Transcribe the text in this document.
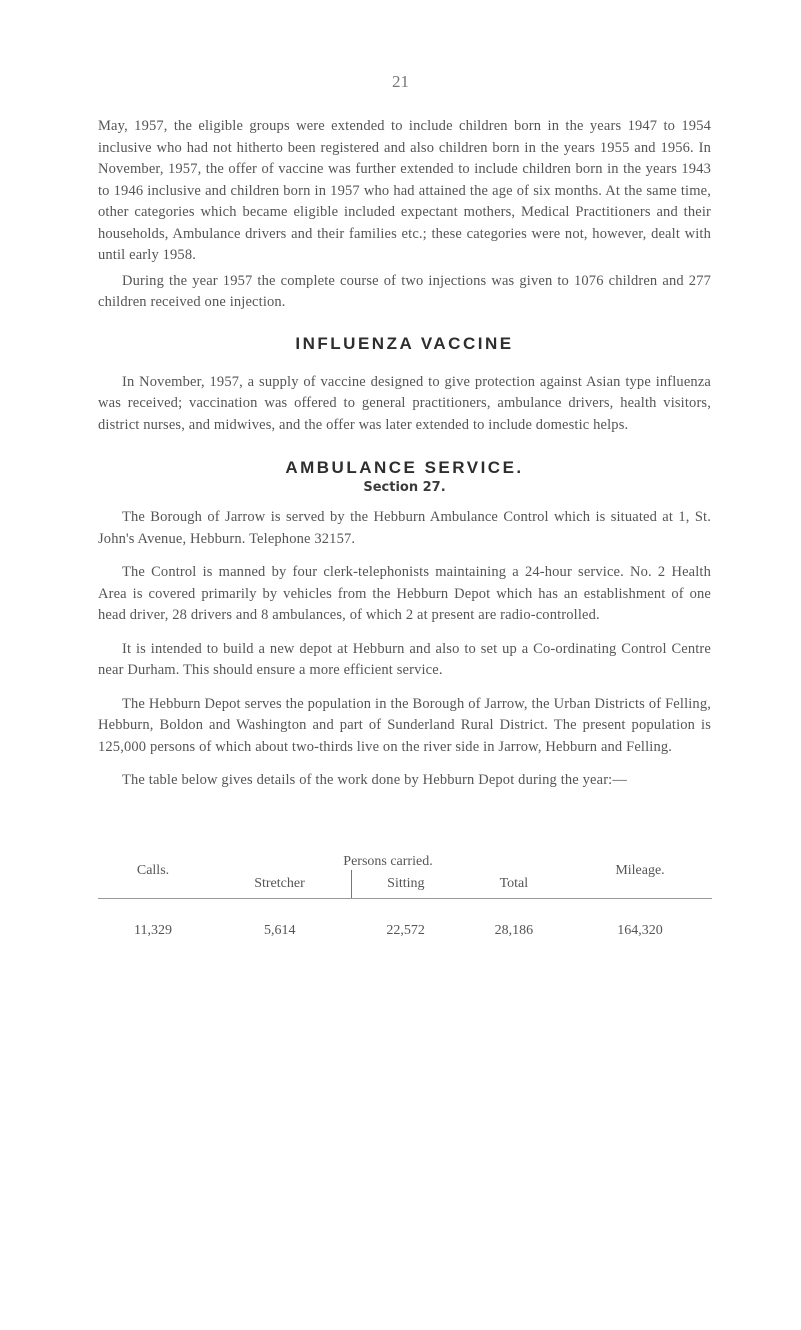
21

May, 1957, the eligible groups were extended to include children born in the years 1947 to 1954 inclusive who had not hitherto been registered and also children born in the years 1955 and 1956. In November, 1957, the offer of vaccine was further extended to include children born in the years 1943 to 1946 inclusive and children born in 1957 who had attained the age of six months. At the same time, other categories which became eligible included expectant mothers, Medical Practitioners and their households, Ambulance drivers and their families etc.; these categories were not, however, dealt with until early 1958.

During the year 1957 the complete course of two injections was given to 1076 children and 277 children received one injection.

INFLUENZA VACCINE

In November, 1957, a supply of vaccine designed to give protection against Asian type influenza was received; vaccination was offered to general practitioners, ambulance drivers, health visitors, district nurses, and midwives, and the offer was later extended to include domestic helps.

AMBULANCE SERVICE.
Section 27.

The Borough of Jarrow is served by the Hebburn Ambulance Control which is situated at 1, St. John's Avenue, Hebburn. Telephone 32157.

The Control is manned by four clerk-telephonists maintaining a 24-hour service. No. 2 Health Area is covered primarily by vehicles from the Hebburn Depot which has an establishment of one head driver, 28 drivers and 8 ambulances, of which 2 at present are radio-controlled.

It is intended to build a new depot at Hebburn and also to set up a Co-ordinating Control Centre near Durham. This should ensure a more efficient service.

The Hebburn Depot serves the population in the Borough of Jarrow, the Urban Districts of Felling, Hebburn, Boldon and Washington and part of Sunderland Rural District. The present population is 125,000 persons of which about two-thirds live on the river side in Jarrow, Hebburn and Felling.

The table below gives details of the work done by Hebburn Depot during the year:—

Calls.	Persons carried.			Mileage.
	Stretcher	Sitting	Total	
11,329	5,614	22,572	28,186	164,320
